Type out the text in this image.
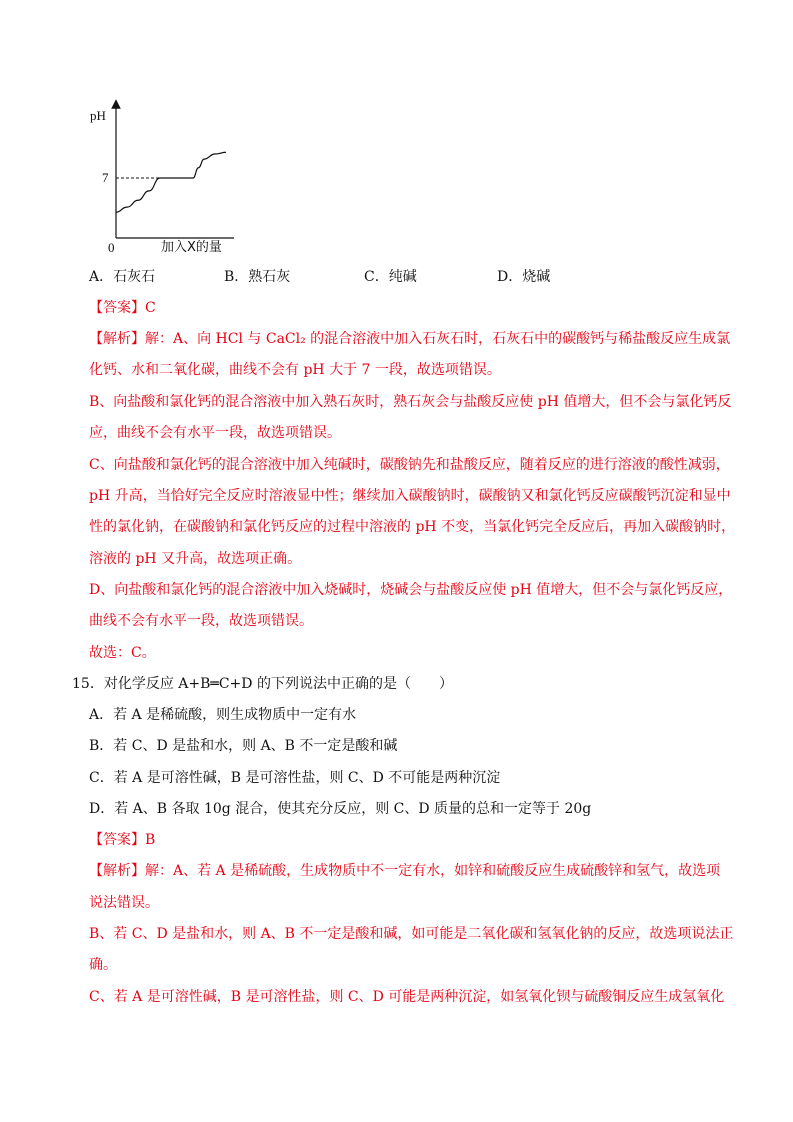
pH
7
0	加入X的量
A．石灰石	B．熟石灰	C．纯碱	D．烧碱
【答案】C
【解析】解：A、向 HCl 与 CaCl₂ 的混合溶液中加入石灰石时，石灰石中的碳酸钙与稀盐酸反应生成氯
化钙、水和二氧化碳，曲线不会有 pH 大于 7 一段，故选项错误。
B、向盐酸和氯化钙的混合溶液中加入熟石灰时，熟石灰会与盐酸反应使 pH 值增大，但不会与氯化钙反
应，曲线不会有水平一段，故选项错误。
C、向盐酸和氯化钙的混合溶液中加入纯碱时，碳酸钠先和盐酸反应，随着反应的进行溶液的酸性减弱，
pH 升高，当恰好完全反应时溶液显中性；继续加入碳酸钠时，碳酸钠又和氯化钙反应碳酸钙沉淀和显中
性的氯化钠，在碳酸钠和氯化钙反应的过程中溶液的 pH 不变，当氯化钙完全反应后，再加入碳酸钠时，
溶液的 pH 又升高，故选项正确。
D、向盐酸和氯化钙的混合溶液中加入烧碱时，烧碱会与盐酸反应使 pH 值增大，但不会与氯化钙反应，
曲线不会有水平一段，故选项错误。
故选：C。
15．对化学反应 A+B═C+D 的下列说法中正确的是（　　）
A．若 A 是稀硫酸，则生成物质中一定有水
B．若 C、D 是盐和水，则 A、B 不一定是酸和碱
C．若 A 是可溶性碱，B 是可溶性盐，则 C、D 不可能是两种沉淀
D．若 A、B 各取 10g 混合，使其充分反应，则 C、D 质量的总和一定等于 20g
【答案】B
【解析】解：A、若 A 是稀硫酸，生成物质中不一定有水，如锌和硫酸反应生成硫酸锌和氢气，故选项
说法错误。
B、若 C、D 是盐和水，则 A、B 不一定是酸和碱，如可能是二氧化碳和氢氧化钠的反应，故选项说法正
确。
C、若 A 是可溶性碱，B 是可溶性盐，则 C、D 可能是两种沉淀，如氢氧化钡与硫酸铜反应生成氢氧化
